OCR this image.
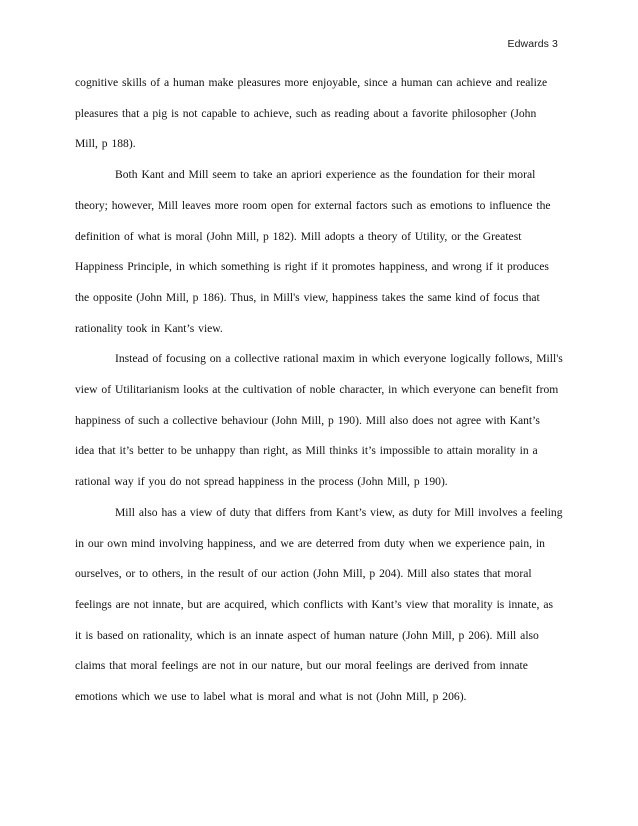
Edwards 3

cognitive skills of a human make pleasures more enjoyable, since a human can achieve and realize pleasures that a pig is not capable to achieve, such as reading about a favorite philosopher (John Mill, p 188).

Both Kant and Mill seem to take an apriori experience as the foundation for their moral theory; however, Mill leaves more room open for external factors such as emotions to influence the definition of what is moral (John Mill, p 182). Mill adopts a theory of Utility, or the Greatest Happiness Principle, in which something is right if it promotes happiness, and wrong if it produces the opposite (John Mill, p 186). Thus, in Mill's view, happiness takes the same kind of focus that rationality took in Kant’s view.

Instead of focusing on a collective rational maxim in which everyone logically follows, Mill's view of Utilitarianism looks at the cultivation of noble character, in which everyone can benefit from happiness of such a collective behaviour (John Mill, p 190). Mill also does not agree with Kant’s idea that it’s better to be unhappy than right, as Mill thinks it’s impossible to attain morality in a rational way if you do not spread happiness in the process (John Mill, p 190).

Mill also has a view of duty that differs from Kant’s view, as duty for Mill involves a feeling in our own mind involving happiness, and we are deterred from duty when we experience pain, in ourselves, or to others, in the result of our action (John Mill, p 204). Mill also states that moral feelings are not innate, but are acquired, which conflicts with Kant’s view that morality is innate, as it is based on rationality, which is an innate aspect of human nature (John Mill, p 206). Mill also claims that moral feelings are not in our nature, but our moral feelings are derived from innate emotions which we use to label what is moral and what is not (John Mill, p 206).
